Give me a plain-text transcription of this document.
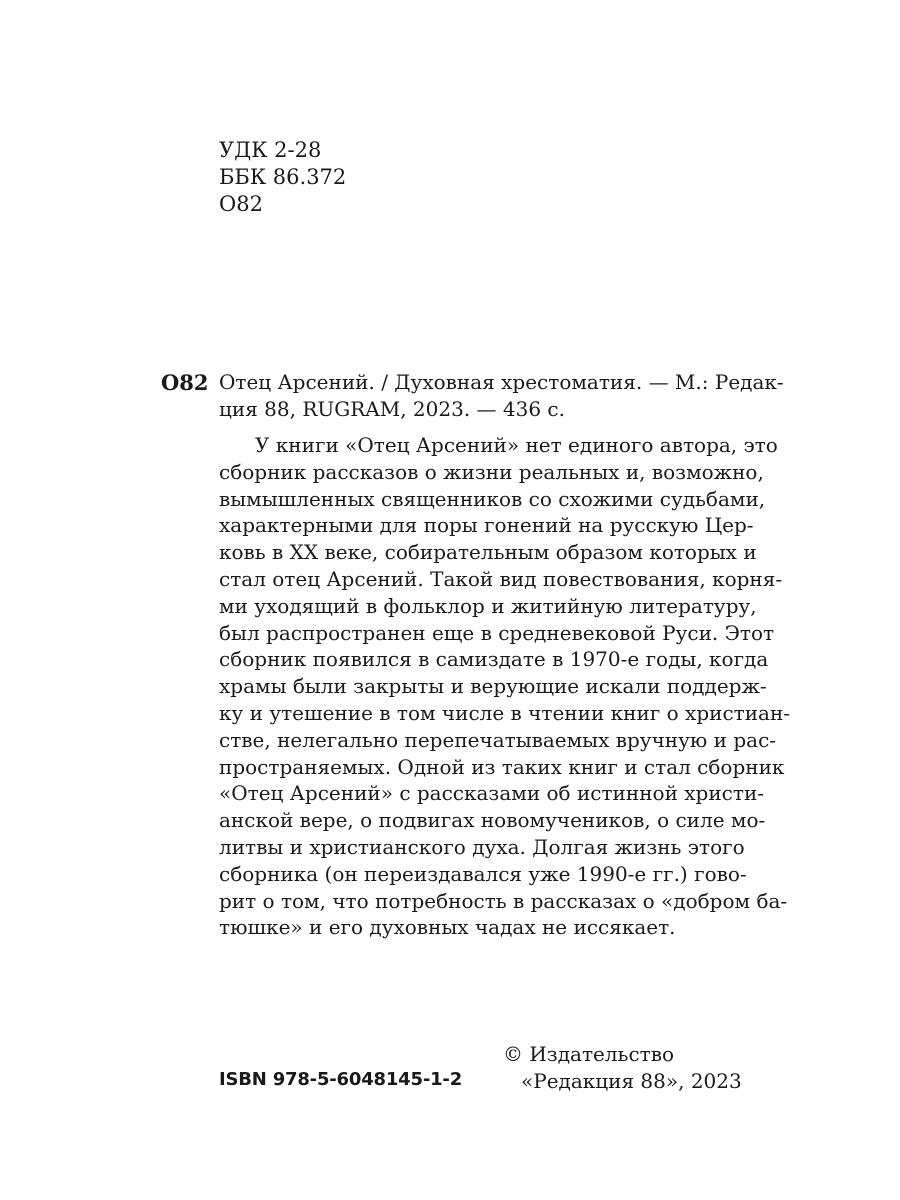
УДК 2-28
ББК 86.372
О82
О82 Отец Арсений. / Духовная хрестоматия. — М.: Редак-
ция 88, RUGRAM, 2023. — 436 с.
У книги «Отец Арсений» нет единого автора, это
сборник рассказов о жизни реальных и, возможно,
вымышленных священников со схожими судьбами,
характерными для поры гонений на русскую Цер-
ковь в XX веке, собирательным образом которых и
стал отец Арсений. Такой вид повествования, корня-
ми уходящий в фольклор и житийную литературу,
был распространен еще в средневековой Руси. Этот
сборник появился в самиздате в 1970-е годы, когда
храмы были закрыты и верующие искали поддерж-
ку и утешение в том числе в чтении книг о христиан-
стве, нелегально перепечатываемых вручную и рас-
пространяемых. Одной из таких книг и стал сборник
«Отец Арсений» с рассказами об истинной христи-
анской вере, о подвигах новомучеников, о силе мо-
литвы и христианского духа. Долгая жизнь этого
сборника (он переиздавался уже 1990-е гг.) гово-
рит о том, что потребность в рассказах о «добром ба-
тюшке» и его духовных чадах не иссякает.
© Издательство
«Редакция 88», 2023
ISBN 978-5-6048145-1-2
